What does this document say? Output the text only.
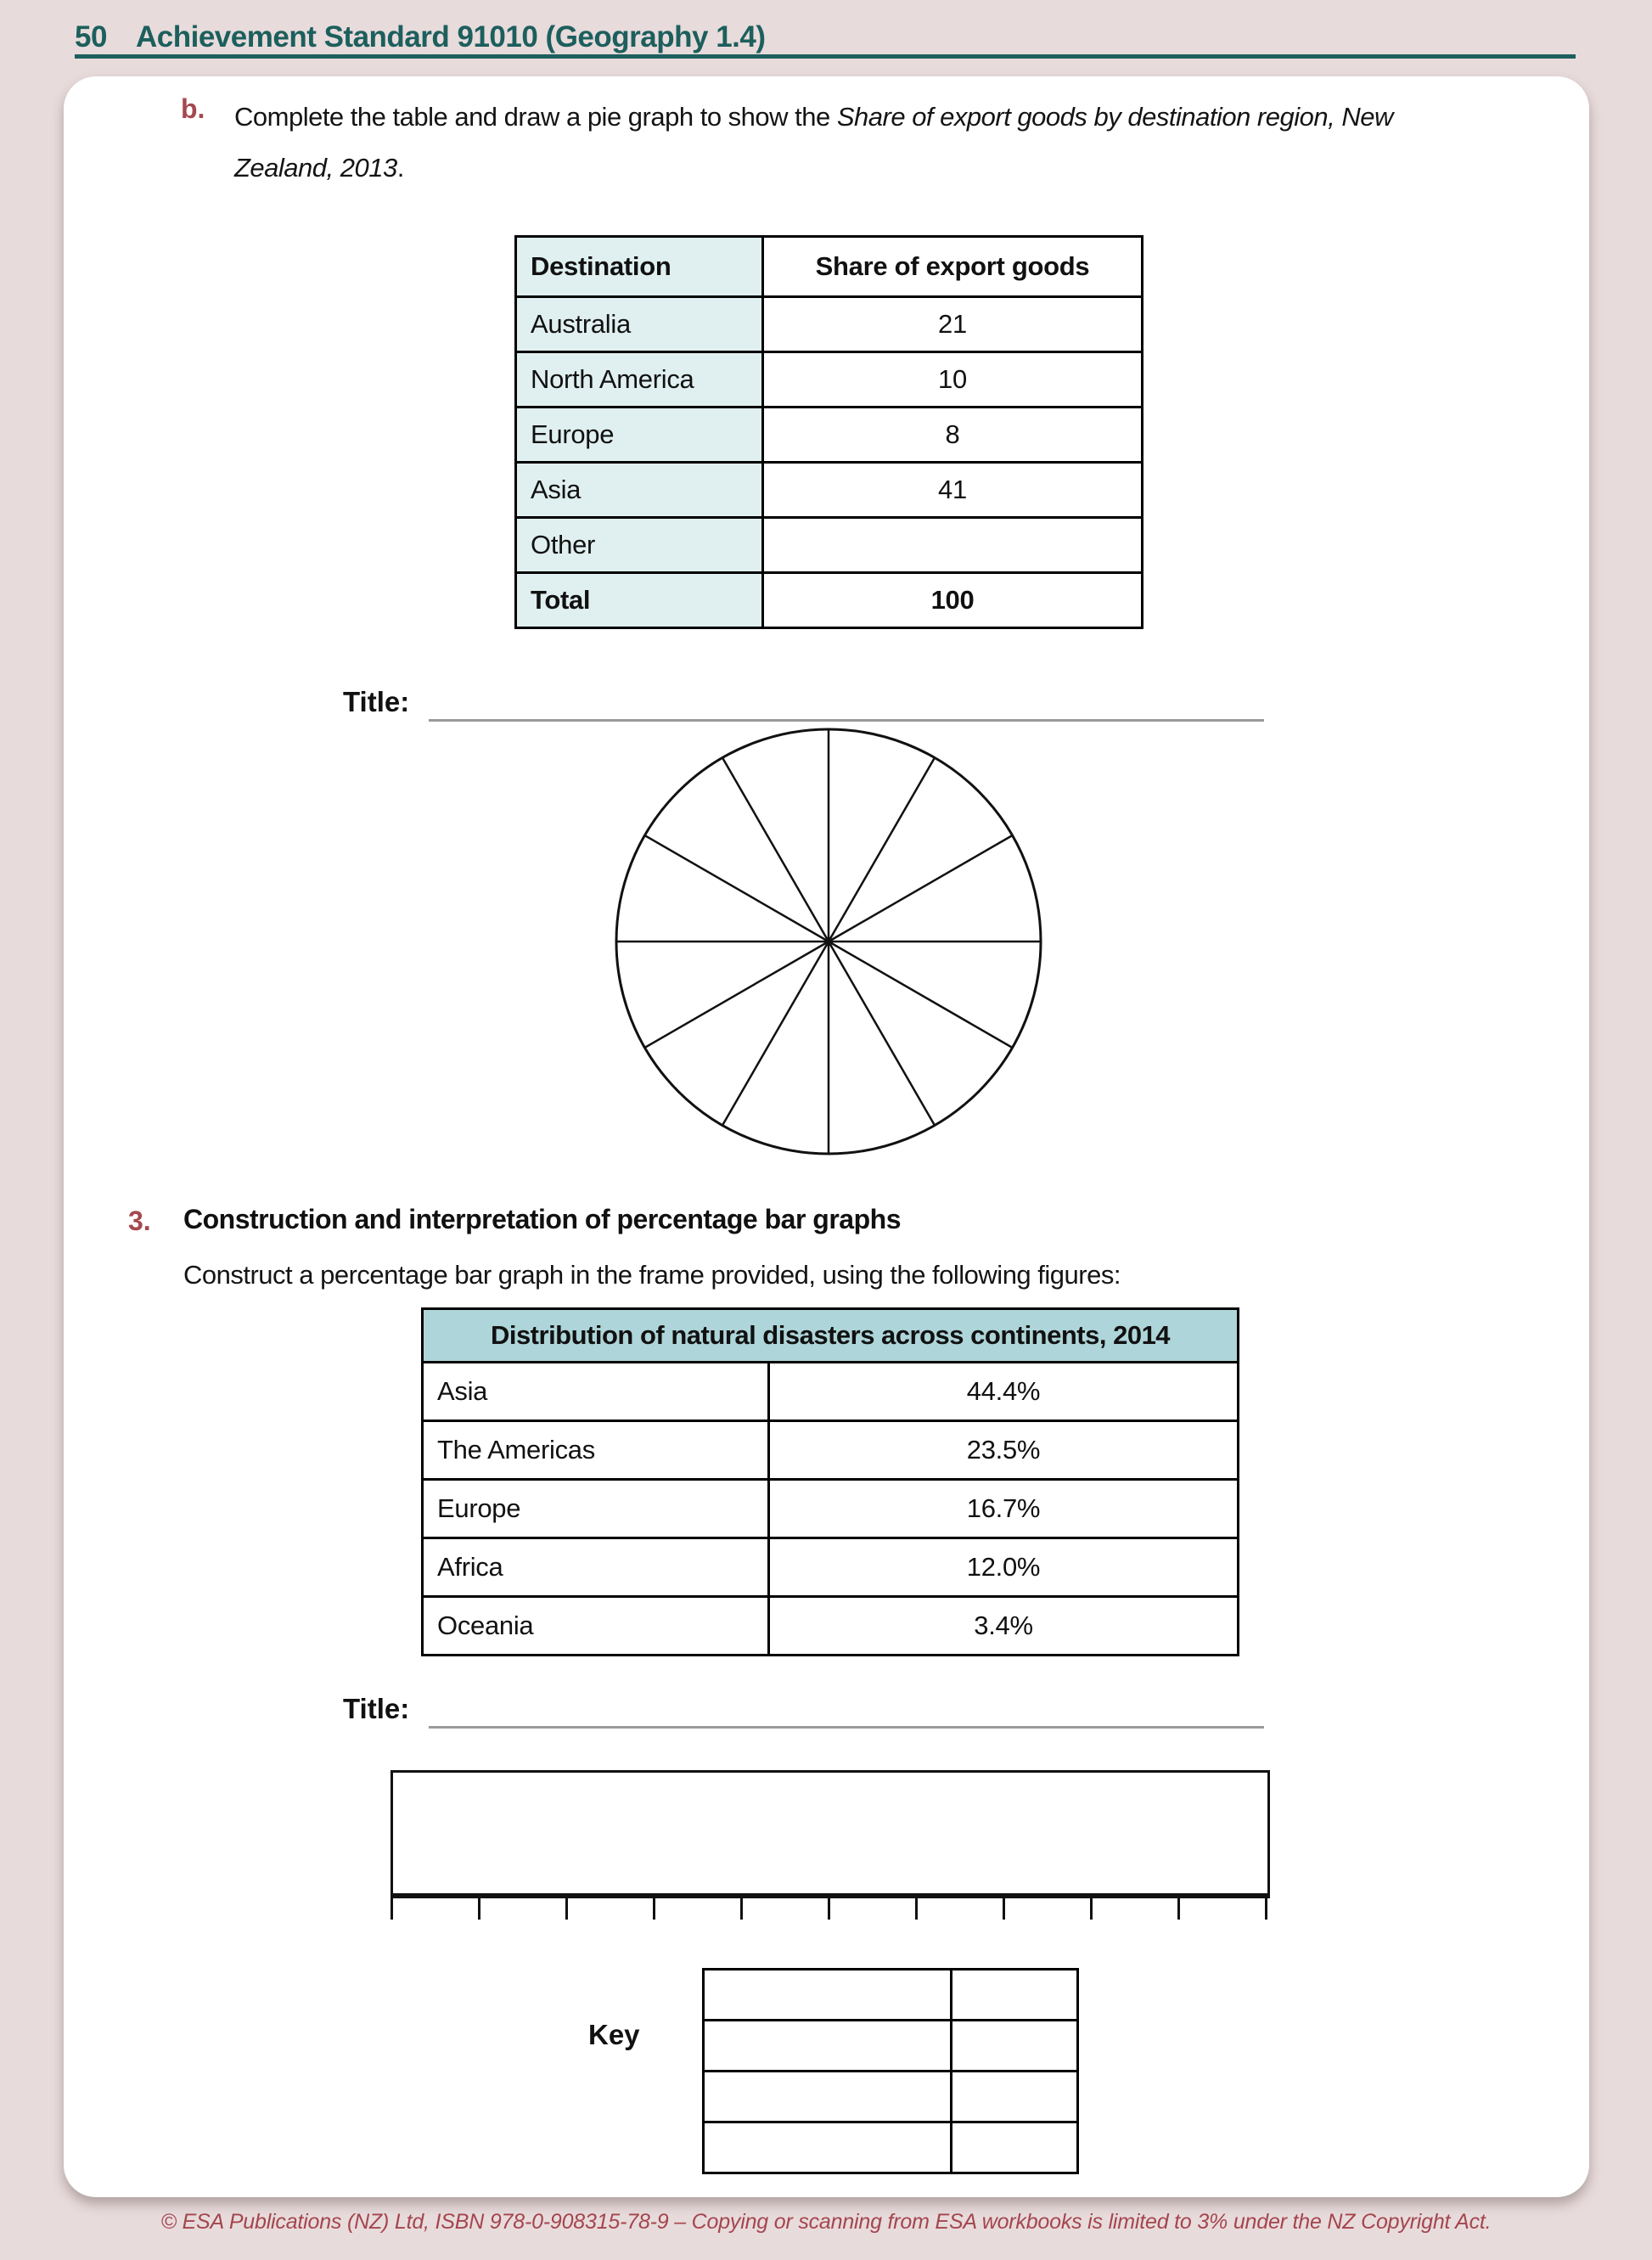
50 Achievement Standard 91010 (Geography 1.4)
b. Complete the table and draw a pie graph to show the Share of export goods by destination region, New Zealand, 2013.
Destination	Share of export goods
Australia	21
North America	10
Europe	8
Asia	41
Other	
Total	100
Title:
3. Construction and interpretation of percentage bar graphs
Construct a percentage bar graph in the frame provided, using the following figures:
Distribution of natural disasters across continents, 2014	
Asia	44.4%
The Americas	23.5%
Europe	16.7%
Africa	12.0%
Oceania	3.4%
Title:
Key

© ESA Publications (NZ) Ltd, ISBN 978-0-908315-78-9 – Copying or scanning from ESA workbooks is limited to 3% under the NZ Copyright Act.
